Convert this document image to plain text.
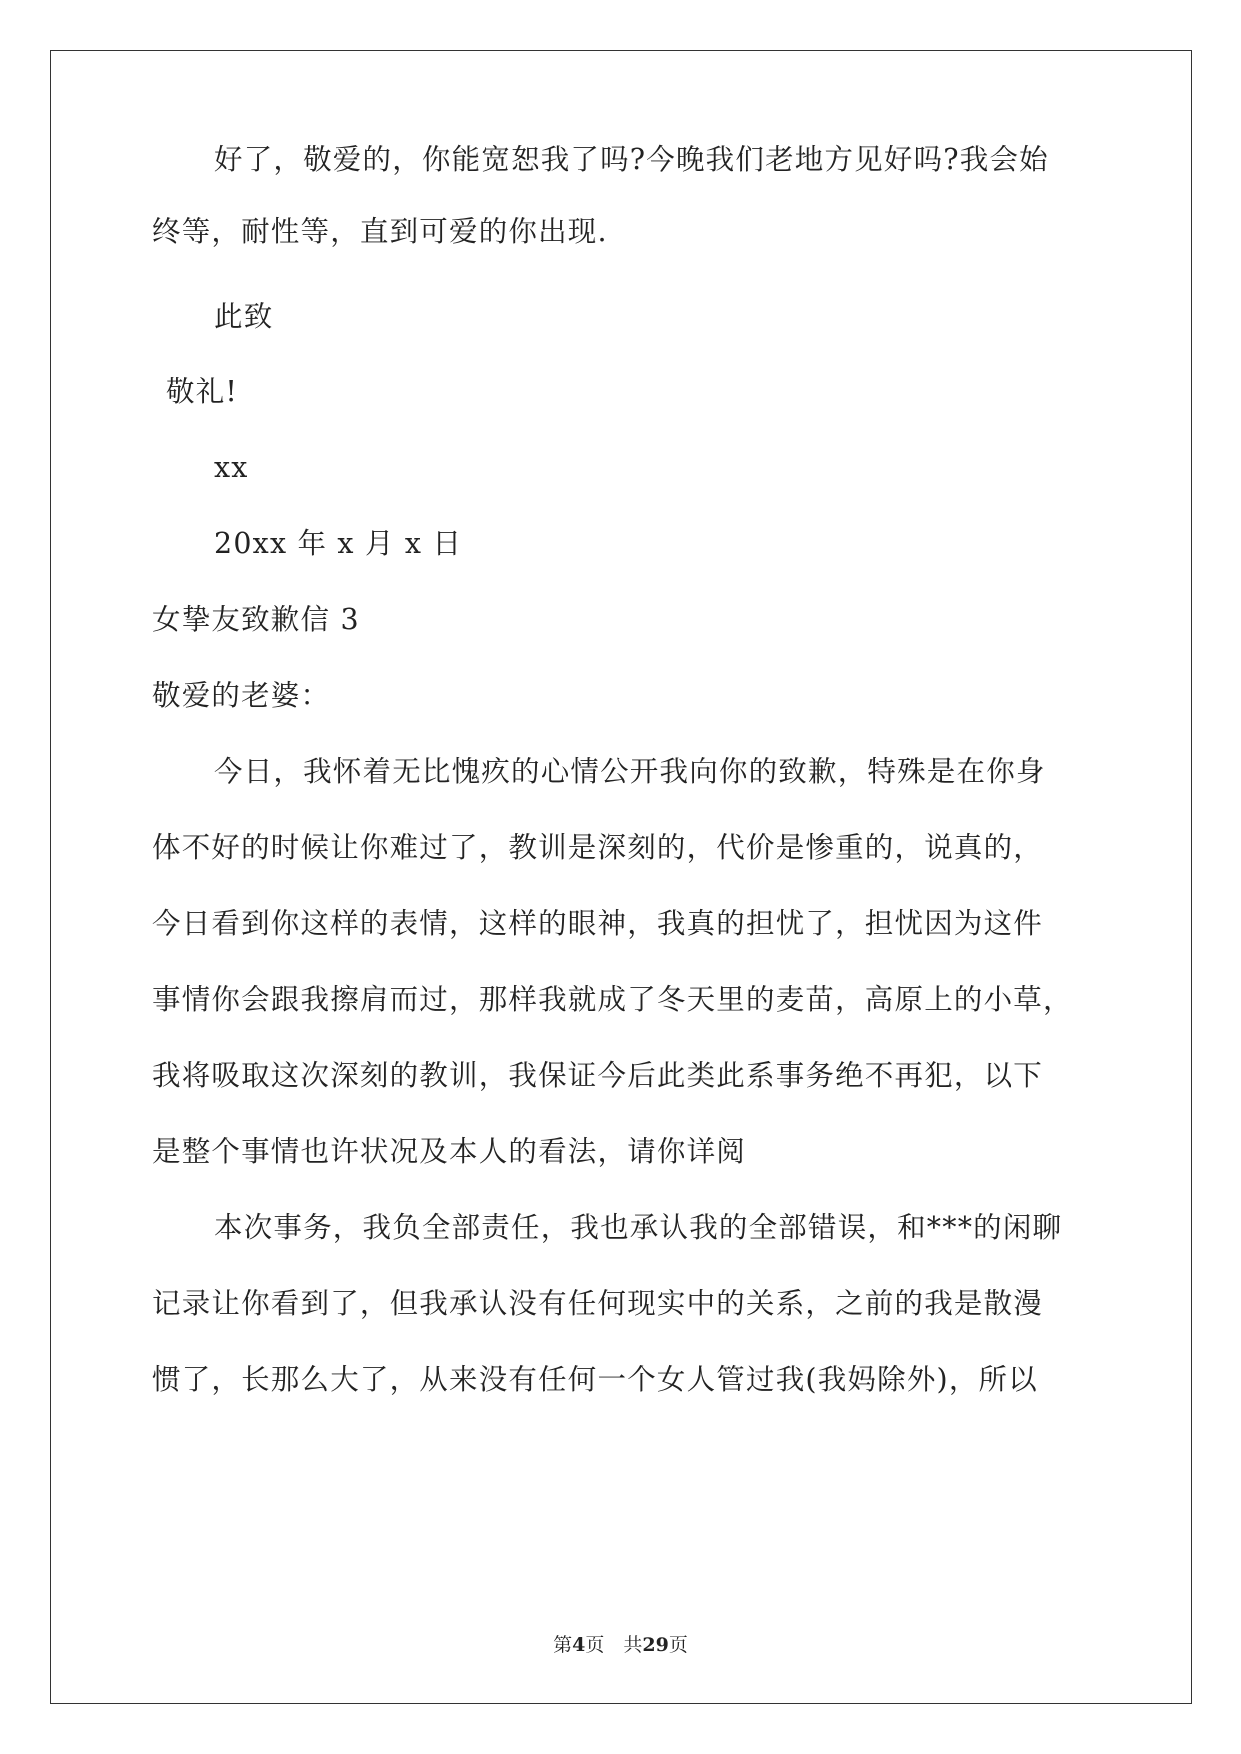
好了，敬爱的，你能宽恕我了吗?今晚我们老地方见好吗?我会始
终等，耐性等，直到可爱的你出现.
此致
敬礼!
xx
20xx 年 x 月 x 日
女挚友致歉信 3
敬爱的老婆：
今日，我怀着无比愧疚的心情公开我向你的致歉，特殊是在你身
体不好的时候让你难过了，教训是深刻的，代价是惨重的，说真的，
今日看到你这样的表情，这样的眼神，我真的担忧了，担忧因为这件
事情你会跟我擦肩而过，那样我就成了冬天里的麦苗，高原上的小草，
我将吸取这次深刻的教训，我保证今后此类此系事务绝不再犯，以下
是整个事情也许状况及本人的看法，请你详阅
本次事务，我负全部责任，我也承认我的全部错误，和***的闲聊
记录让你看到了，但我承认没有任何现实中的关系，之前的我是散漫
惯了，长那么大了，从来没有任何一个女人管过我(我妈除外)，所以
第4页　共29页
